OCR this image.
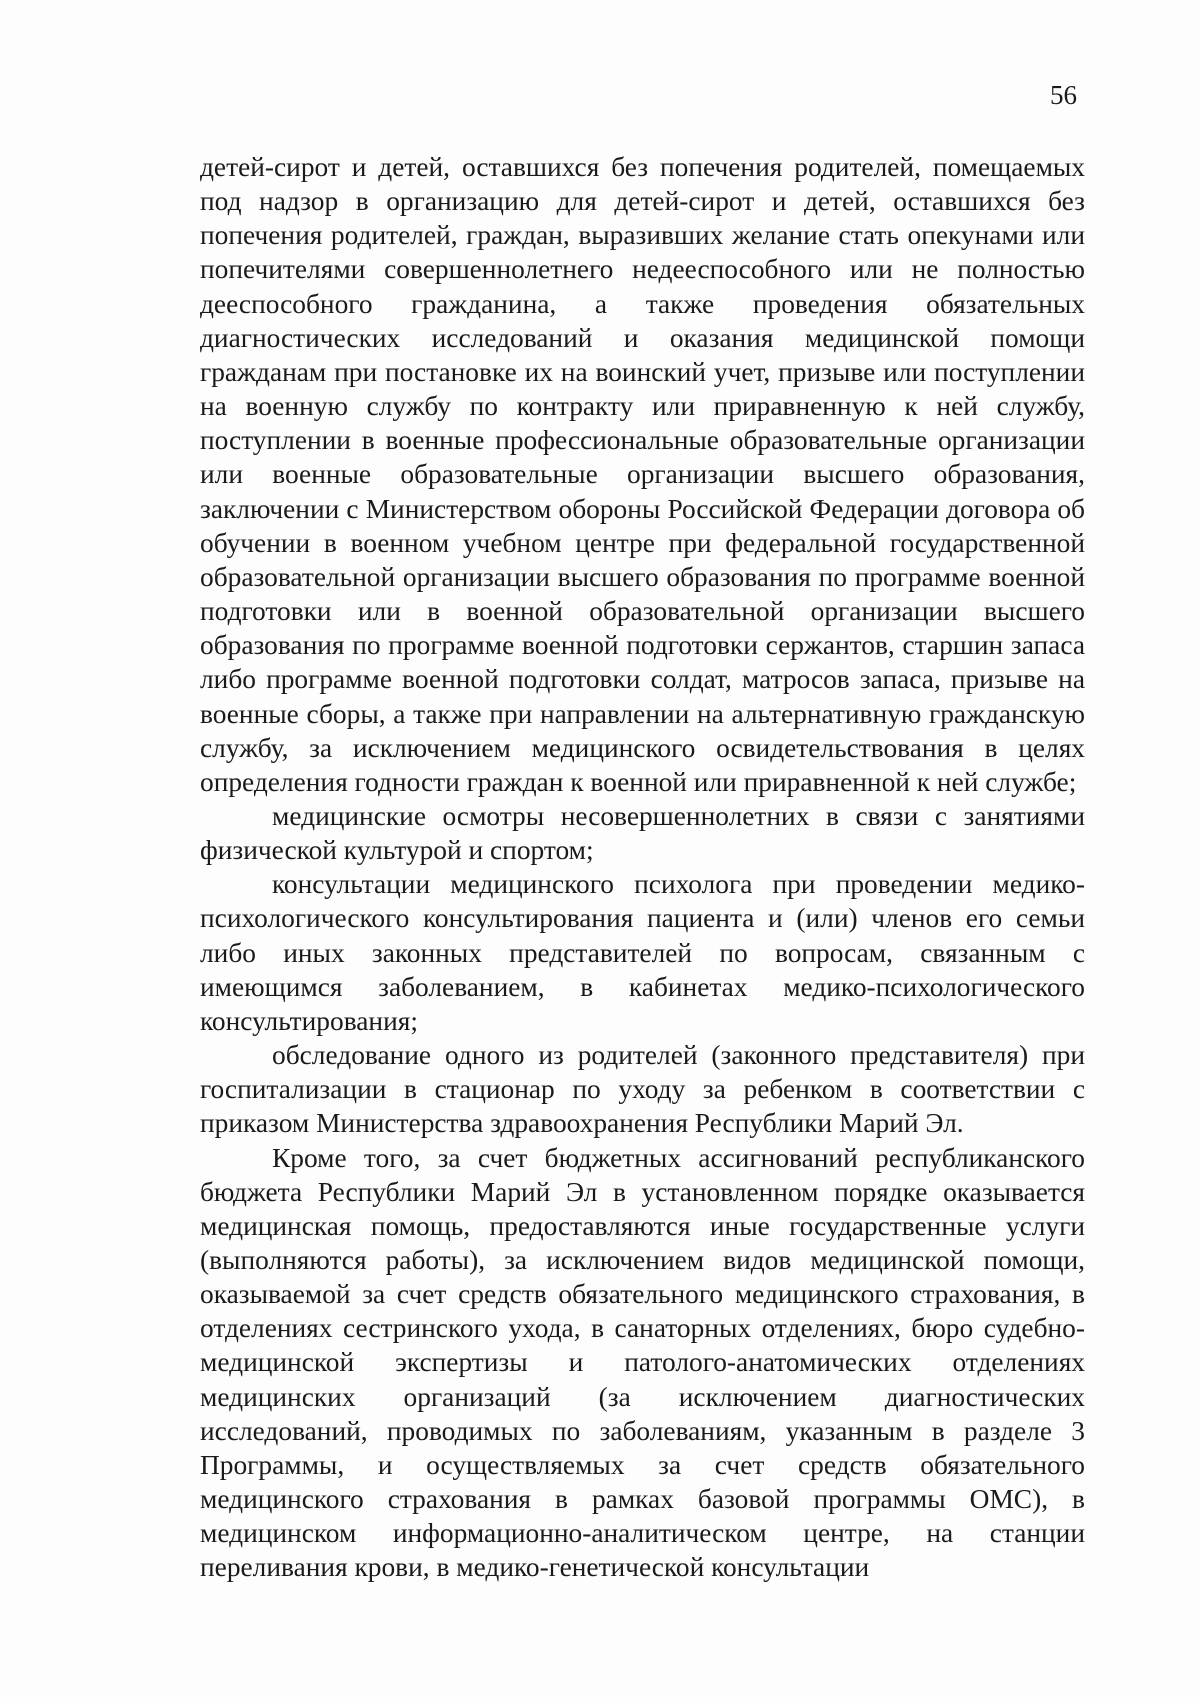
56

детей-сирот и детей, оставшихся без попечения родителей, помещаемых под надзор в организацию для детей-сирот и детей, оставшихся без попечения родителей, граждан, выразивших желание стать опекунами или попечителями совершеннолетнего недееспособного или не полностью дееспособного гражданина, а также проведения обязательных диагностических исследований и оказания медицинской помощи гражданам при постановке их на воинский учет, призыве или поступлении на военную службу по контракту или приравненную к ней службу, поступлении в военные профессиональные образовательные организации или военные образовательные организации высшего образования, заключении с Министерством обороны Российской Федерации договора об обучении в военном учебном центре при федеральной государственной образовательной организации высшего образования по программе военной подготовки или в военной образовательной организации высшего образования по программе военной подготовки сержантов, старшин запаса либо программе военной подготовки солдат, матросов запаса, призыве на военные сборы, а также при направлении на альтернативную гражданскую службу, за исключением медицинского освидетельствования в целях определения годности граждан к военной или приравненной к ней службе;

медицинские осмотры несовершеннолетних в связи с занятиями физической культурой и спортом;

консультации медицинского психолога при проведении медико-психологического консультирования пациента и (или) членов его семьи либо иных законных представителей по вопросам, связанным с имеющимся заболеванием, в кабинетах медико-психологического консультирования;

обследование одного из родителей (законного представителя) при госпитализации в стационар по уходу за ребенком в соответствии с приказом Министерства здравоохранения Республики Марий Эл.

Кроме того, за счет бюджетных ассигнований республиканского бюджета Республики Марий Эл в установленном порядке оказывается медицинская помощь, предоставляются иные государственные услуги (выполняются работы), за исключением видов медицинской помощи, оказываемой за счет средств обязательного медицинского страхования, в отделениях сестринского ухода, в санаторных отделениях, бюро судебно-медицинской экспертизы и патолого-анатомических отделениях медицинских организаций (за исключением диагностических исследований, проводимых по заболеваниям, указанным в разделе 3 Программы, и осуществляемых за счет средств обязательного медицинского страхования в рамках базовой программы ОМС), в медицинском информационно-аналитическом центре, на станции переливания крови, в медико-генетической консультации
